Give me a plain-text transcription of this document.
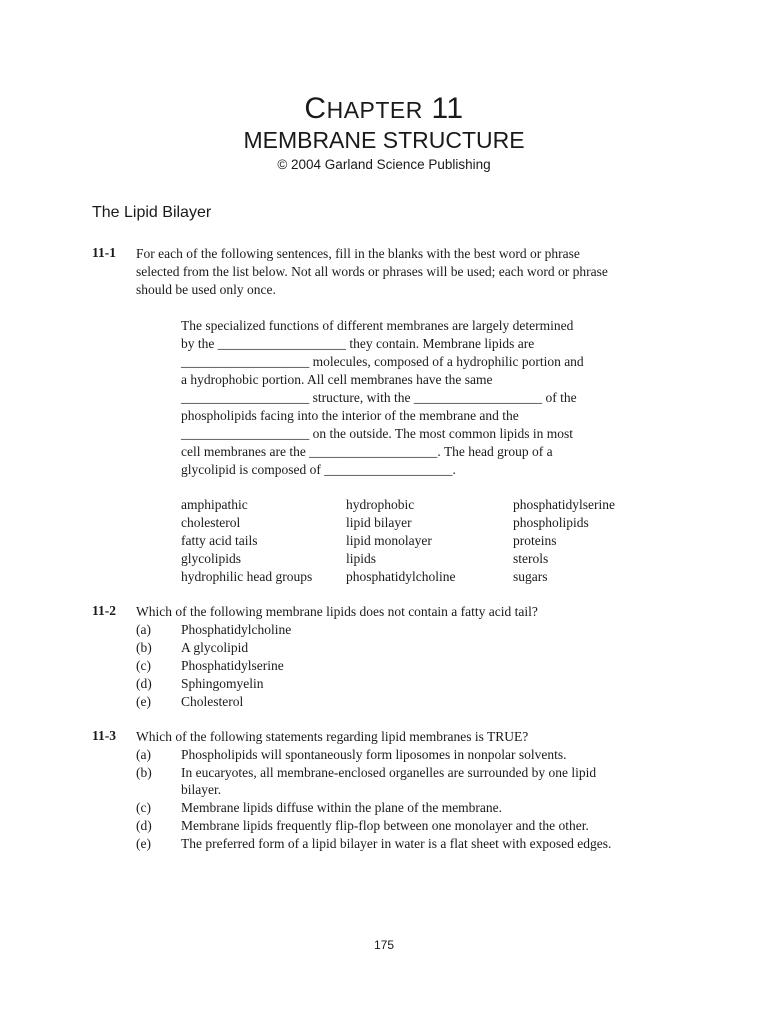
CHAPTER 11
MEMBRANE STRUCTURE
© 2004 Garland Science Publishing
The Lipid Bilayer
11-1 For each of the following sentences, fill in the blanks with the best word or phrase
selected from the list below. Not all words or phrases will be used; each word or phrase
should be used only once.
The specialized functions of different membranes are largely determined
by the ___________________ they contain. Membrane lipids are
___________________ molecules, composed of a hydrophilic portion and
a hydrophobic portion. All cell membranes have the same
___________________ structure, with the ___________________ of the
phospholipids facing into the interior of the membrane and the
___________________ on the outside. The most common lipids in most
cell membranes are the ___________________. The head group of a
glycolipid is composed of ___________________.
amphipathic
cholesterol
fatty acid tails
glycolipids
hydrophilic head groups
hydrophobic
lipid bilayer
lipid monolayer
lipids
phosphatidylcholine
phosphatidylserine
phospholipids
proteins
sterols
sugars
11-2 Which of the following membrane lipids does not contain a fatty acid tail?
(a) Phosphatidylcholine
(b) A glycolipid
(c) Phosphatidylserine
(d) Sphingomyelin
(e) Cholesterol
11-3 Which of the following statements regarding lipid membranes is TRUE?
(a) Phospholipids will spontaneously form liposomes in nonpolar solvents.
(b) In eucaryotes, all membrane-enclosed organelles are surrounded by one lipid
bilayer.
(c) Membrane lipids diffuse within the plane of the membrane.
(d) Membrane lipids frequently flip-flop between one monolayer and the other.
(e) The preferred form of a lipid bilayer in water is a flat sheet with exposed edges.
175
